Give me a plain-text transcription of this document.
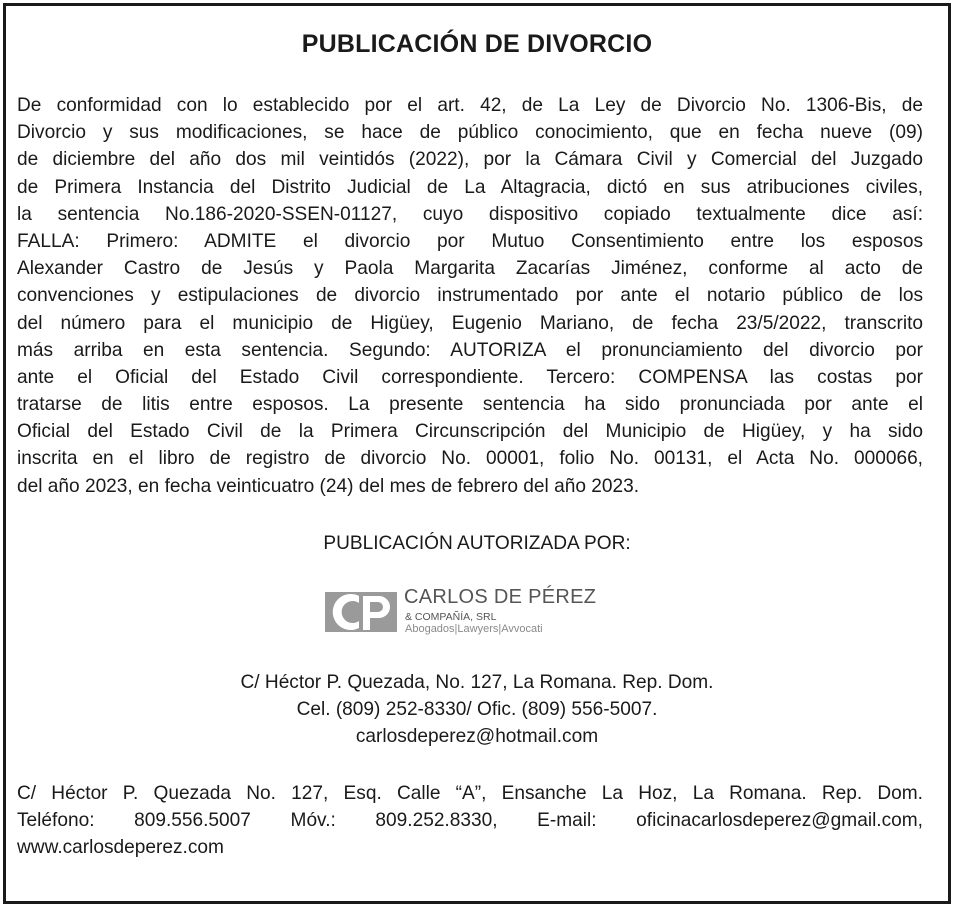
PUBLICACIÓN DE DIVORCIO
De conformidad con lo establecido por el art. 42, de La Ley de Divorcio No. 1306-Bis, de
Divorcio y sus modificaciones, se hace de público conocimiento, que en fecha nueve (09)
de diciembre del año dos mil veintidós (2022), por la Cámara Civil y Comercial del Juzgado
de Primera Instancia del Distrito Judicial de La Altagracia, dictó en sus atribuciones civiles,
la sentencia No.186-2020-SSEN-01127, cuyo dispositivo copiado textualmente dice así:
FALLA: Primero: ADMITE el divorcio por Mutuo Consentimiento entre los esposos
Alexander Castro de Jesús y Paola Margarita Zacarías Jiménez, conforme al acto de
convenciones y estipulaciones de divorcio instrumentado por ante el notario público de los
del número para el municipio de Higüey, Eugenio Mariano, de fecha 23/5/2022, transcrito
más arriba en esta sentencia. Segundo: AUTORIZA el pronunciamiento del divorcio por
ante el Oficial del Estado Civil correspondiente. Tercero: COMPENSA las costas por
tratarse de litis entre esposos. La presente sentencia ha sido pronunciada por ante el
Oficial del Estado Civil de la Primera Circunscripción del Municipio de Higüey, y ha sido
inscrita en el libro de registro de divorcio No. 00001, folio No. 00131, el Acta No. 000066,
del año 2023, en fecha veinticuatro (24) del mes de febrero del año 2023.
PUBLICACIÓN AUTORIZADA POR:
CARLOS DE PÉREZ
& COMPAÑÍA, SRL
Abogados|Lawyers|Avvocati
C/ Héctor P. Quezada, No. 127, La Romana. Rep. Dom.
Cel. (809) 252-8330/ Ofic. (809) 556-5007.
carlosdeperez@hotmail.com
C/ Héctor P. Quezada No. 127, Esq. Calle “A”, Ensanche La Hoz, La Romana. Rep. Dom.
Teléfono: 809.556.5007 Móv.: 809.252.8330, E-mail: oficinacarlosdeperez@gmail.com,
www.carlosdeperez.com
